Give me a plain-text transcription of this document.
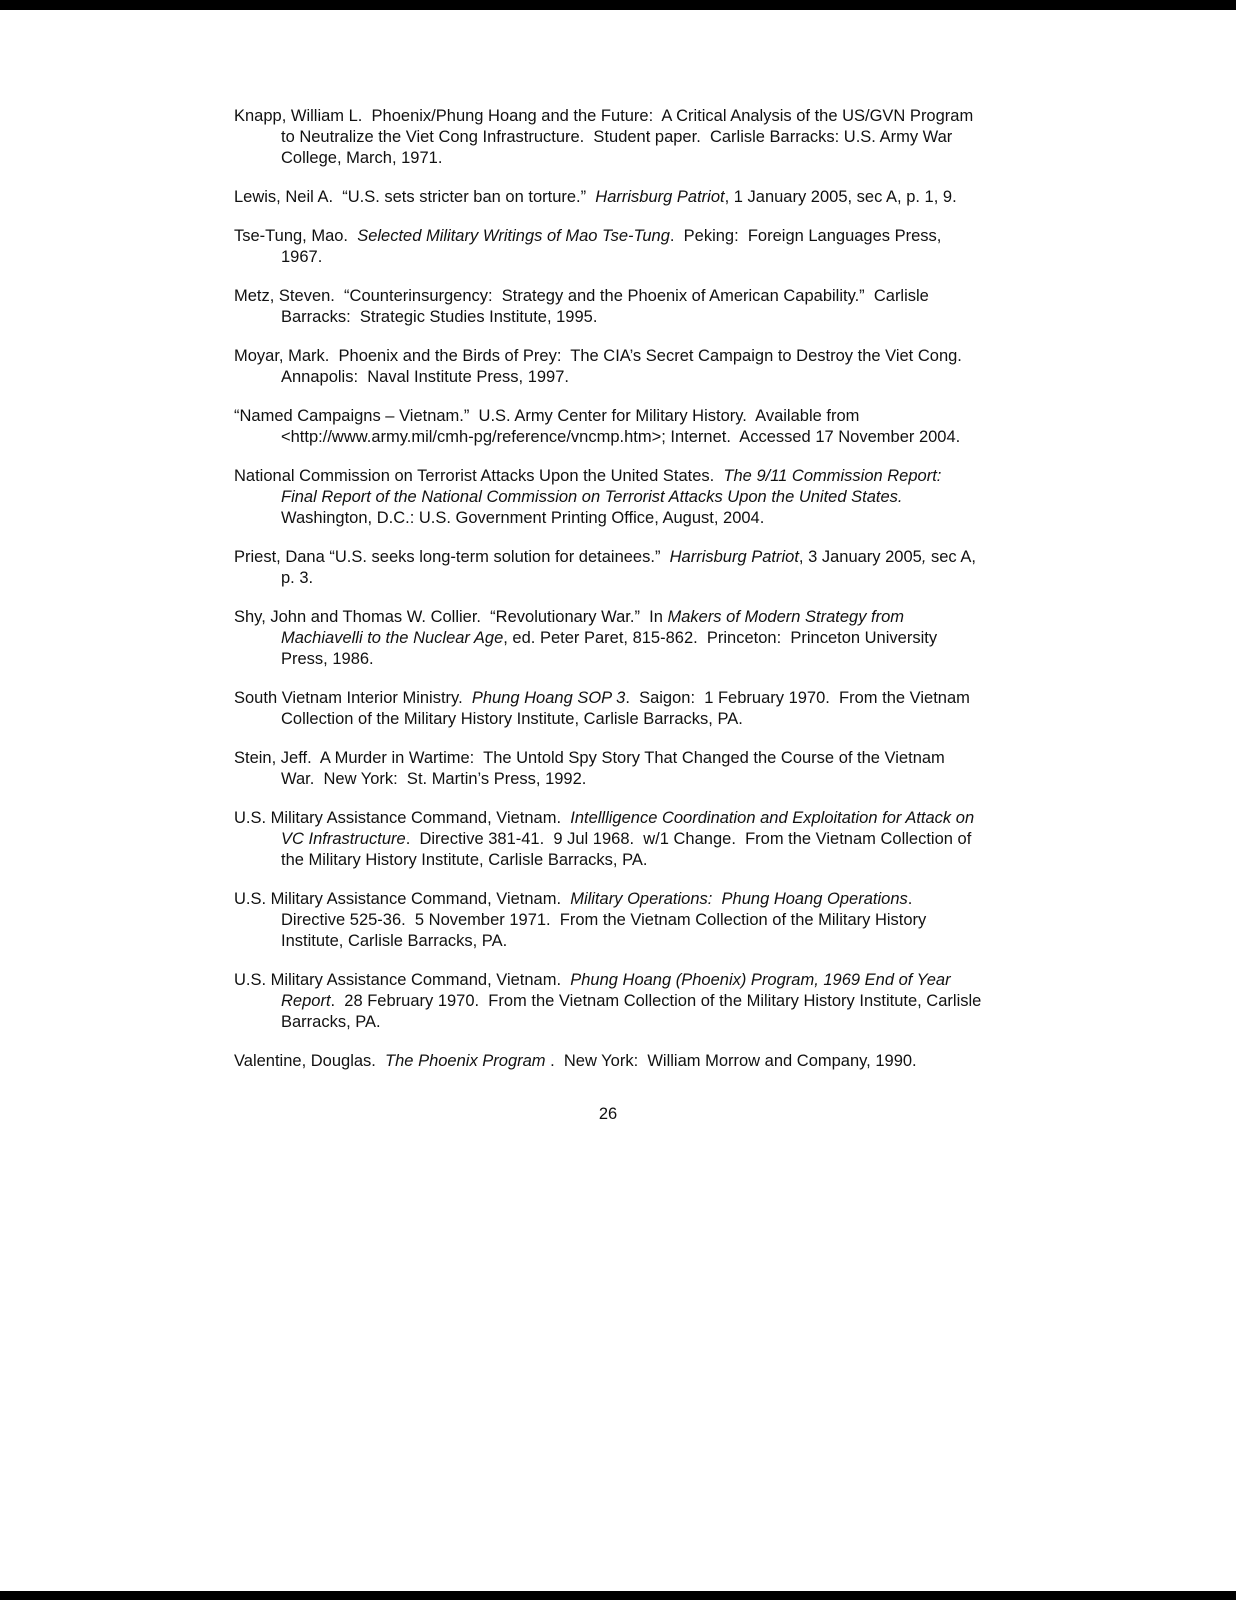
Knapp, William L.  Phoenix/Phung Hoang and the Future:  A Critical Analysis of the US/GVN Program to Neutralize the Viet Cong Infrastructure.  Student paper.  Carlisle Barracks: U.S. Army War College, March, 1971.

Lewis, Neil A.  “U.S. sets stricter ban on torture.”  Harrisburg Patriot, 1 January 2005, sec A, p. 1, 9.

Tse-Tung, Mao.  Selected Military Writings of Mao Tse-Tung.  Peking:  Foreign Languages Press, 1967.

Metz, Steven.  “Counterinsurgency:  Strategy and the Phoenix of American Capability.”  Carlisle Barracks:  Strategic Studies Institute, 1995.

Moyar, Mark.  Phoenix and the Birds of Prey:  The CIA’s Secret Campaign to Destroy the Viet Cong.  Annapolis:  Naval Institute Press, 1997.

“Named Campaigns – Vietnam.”  U.S. Army Center for Military History.  Available from <http://www.army.mil/cmh-pg/reference/vncmp.htm>; Internet.  Accessed 17 November 2004.

National Commission on Terrorist Attacks Upon the United States.  The 9/11 Commission Report:  Final Report of the National Commission on Terrorist Attacks Upon the United States.  Washington, D.C.: U.S. Government Printing Office, August, 2004.

Priest, Dana “U.S. seeks long-term solution for detainees.”  Harrisburg Patriot, 3 January 2005, sec A, p. 3.

Shy, John and Thomas W. Collier.  “Revolutionary War.”  In Makers of Modern Strategy from Machiavelli to the Nuclear Age, ed. Peter Paret, 815-862.  Princeton:  Princeton University Press, 1986.

South Vietnam Interior Ministry.  Phung Hoang SOP 3.  Saigon:  1 February 1970.  From the Vietnam Collection of the Military History Institute, Carlisle Barracks, PA.

Stein, Jeff.  A Murder in Wartime:  The Untold Spy Story That Changed the Course of the Vietnam War.  New York:  St. Martin’s Press, 1992.

U.S. Military Assistance Command, Vietnam.  Intellligence Coordination and Exploitation for Attack on VC Infrastructure.  Directive 381-41.  9 Jul 1968.  w/1 Change.  From the Vietnam Collection of the Military History Institute, Carlisle Barracks, PA.

U.S. Military Assistance Command, Vietnam.  Military Operations:  Phung Hoang Operations.  Directive 525-36.  5 November 1971.  From the Vietnam Collection of the Military History Institute, Carlisle Barracks, PA.

U.S. Military Assistance Command, Vietnam.  Phung Hoang (Phoenix) Program, 1969 End of Year Report.  28 February 1970.  From the Vietnam Collection of the Military History Institute, Carlisle Barracks, PA.

Valentine, Douglas.  The Phoenix Program .  New York:  William Morrow and Company, 1990.

26
